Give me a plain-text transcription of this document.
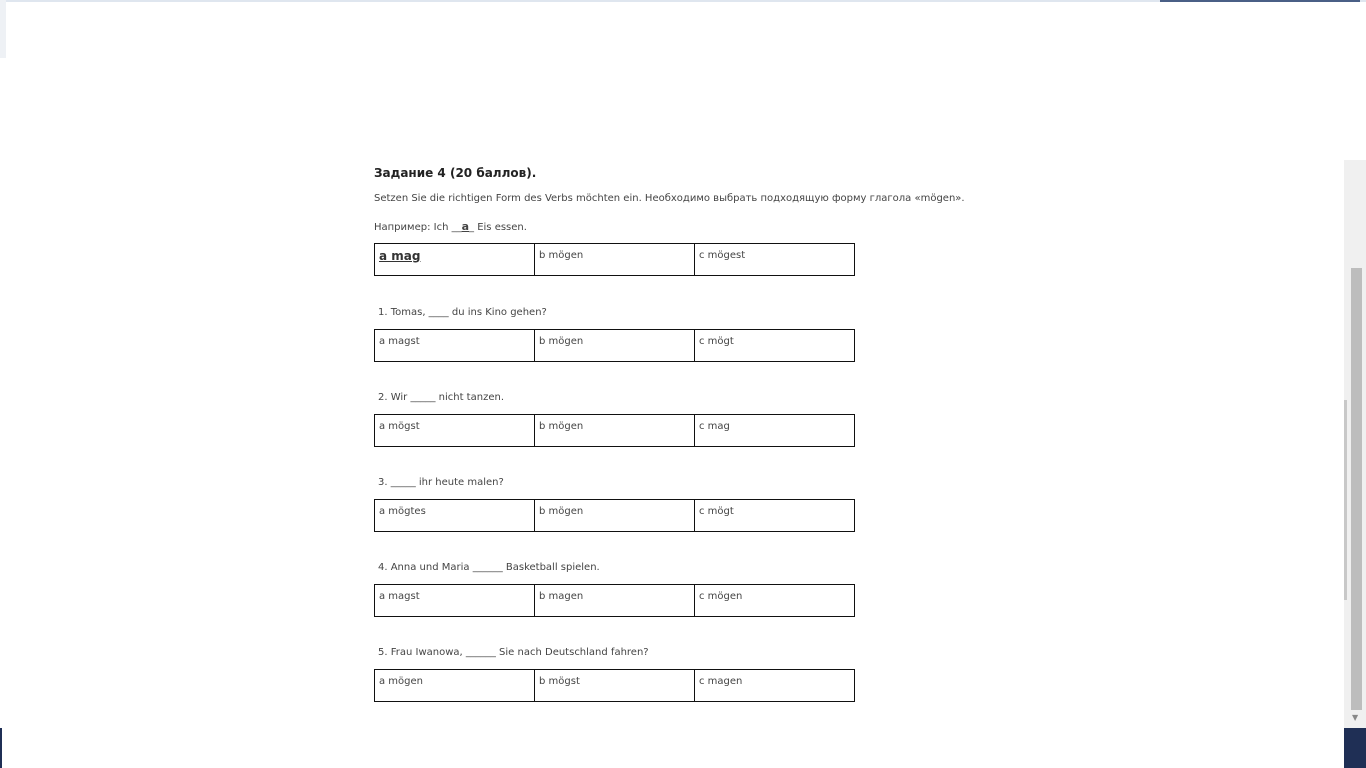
Задание 4 (20 баллов).
Setzen Sie die richtigen Form des Verbs möchten ein. Необходимо выбрать подходящую форму глагола «mögen».
Например: Ich __a_ Eis essen.
a mag	b mögen	c mögest
1. Tomas, ____ du ins Kino gehen?
a magst	b mögen	c mögt
2. Wir _____ nicht tanzen.
a mögst	b mögen	c mag
3. _____ ihr heute malen?
a mögtes	b mögen	c mögt
4. Anna und Maria ______ Basketball spielen.
a magst	b magen	c mögen
5. Frau Iwanowa, ______ Sie nach Deutschland fahren?
a mögen	b mögst	c magen
▼
